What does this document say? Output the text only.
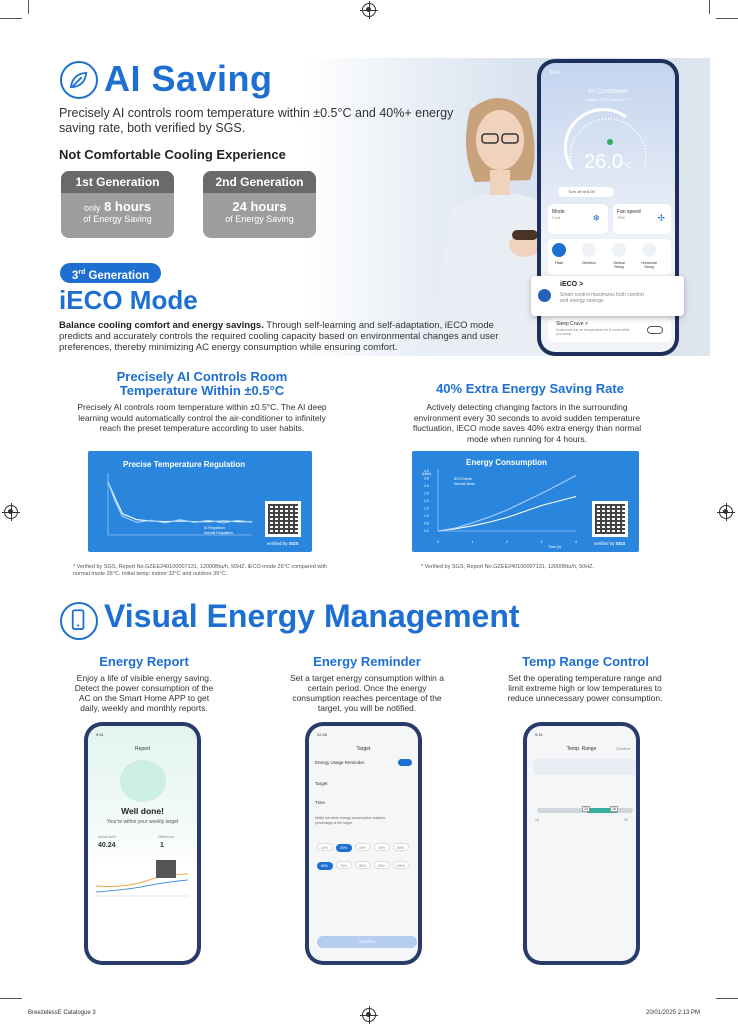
AI Saving
Precisely AI controls room temperature within ±0.5°C and 40%+ energy saving rate, both verified by SGS.
Not Comfortable Cooling Experience
1st Generation
only 8 hours
of Energy Saving
2nd Generation
24 hours
of Energy Saving
3rd Generation
iECO Mode
Balance cooling comfort and energy savings. Through self-learning and self-adaptation, iECO mode predicts and accurately controls the required cooling capacity based on environmental changes and user preferences, thereby minimizing AC energy consumption while ensuring comfort.
9:41
Air Conditioner
Outdoor 32°C Indoor 27°C
26.0°C
Turn off at 6:00
Mode
Cool	❄
Fan speed
75%	✢
Flash	Direction	Vertical Swing
Horizontal Swing
Sleep Cruve >
Customize the air temperature for 8 hours while you sleep
iECO >
Smart control maximizes both comfort and energy savings
Precisely AI Controls Room Temperature Within ±0.5°C
Precisely AI controls room temperature within ±0.5°C. The AI deep learning would automatically control the air-conditioner to infinitely reach the preset temperature according to user habits.
40% Extra Energy Saving Rate
Actively detecting changing factors in the surrounding environment every 30 seconds to avoid sudden temperature fluctuation, iECO mode saves 40% extra energy than normal mode when running for 4 hours.
Precise Temperature Regulation
AI Regulation
Normal Regulation
verified by SGS
Energy Consumption
0.0
0.5
1.0
1.5
2.0
2.5
3.0
3.5
4.0
0	1	2	3	4
(kWh)
Time (h)
iECO Mode
Normal Mode
verified by SGS
* Verified by SGS, Report No.GZEE240100007131, 12000Btu/h, 50HZ. iECO mode 26°C compared with normal mode 26°C. Initial temp: indoor 32°C and outdoor 35°C.
* Verified by SGS, Report No.GZEE240100007131, 12000Btu/h, 50HZ.
Visual Energy Management
Energy Report
Enjoy a life of visible energy saving. Detect the power consumption of the AC on the Smart Home APP to get daily, weekly and monthly reports.
Energy Reminder
Set a target energy consumption within a certain period. Once the energy consumption reaches percentage of the target, you will be notified.
Temp Range Control
Set the operating temperature range and limit extreme high or low temperatures to reduce unnecessary power consumption.
9:41
Report
Well done!
Your're within your weekly target
Actual kWh
40.24
Difference
1
22:26
Target
Energy Usage Reminder
Target
Time
Notify me when energy consumption reaches percentage of the target
10%	20%	30%	40%	50%60%	70%	80%	90%	100%
Confirm
9:41
Temp. Range	Confirm
20	26
16	30
BreezelessE Catalogue 3	20/01/2025 2:13 PM
